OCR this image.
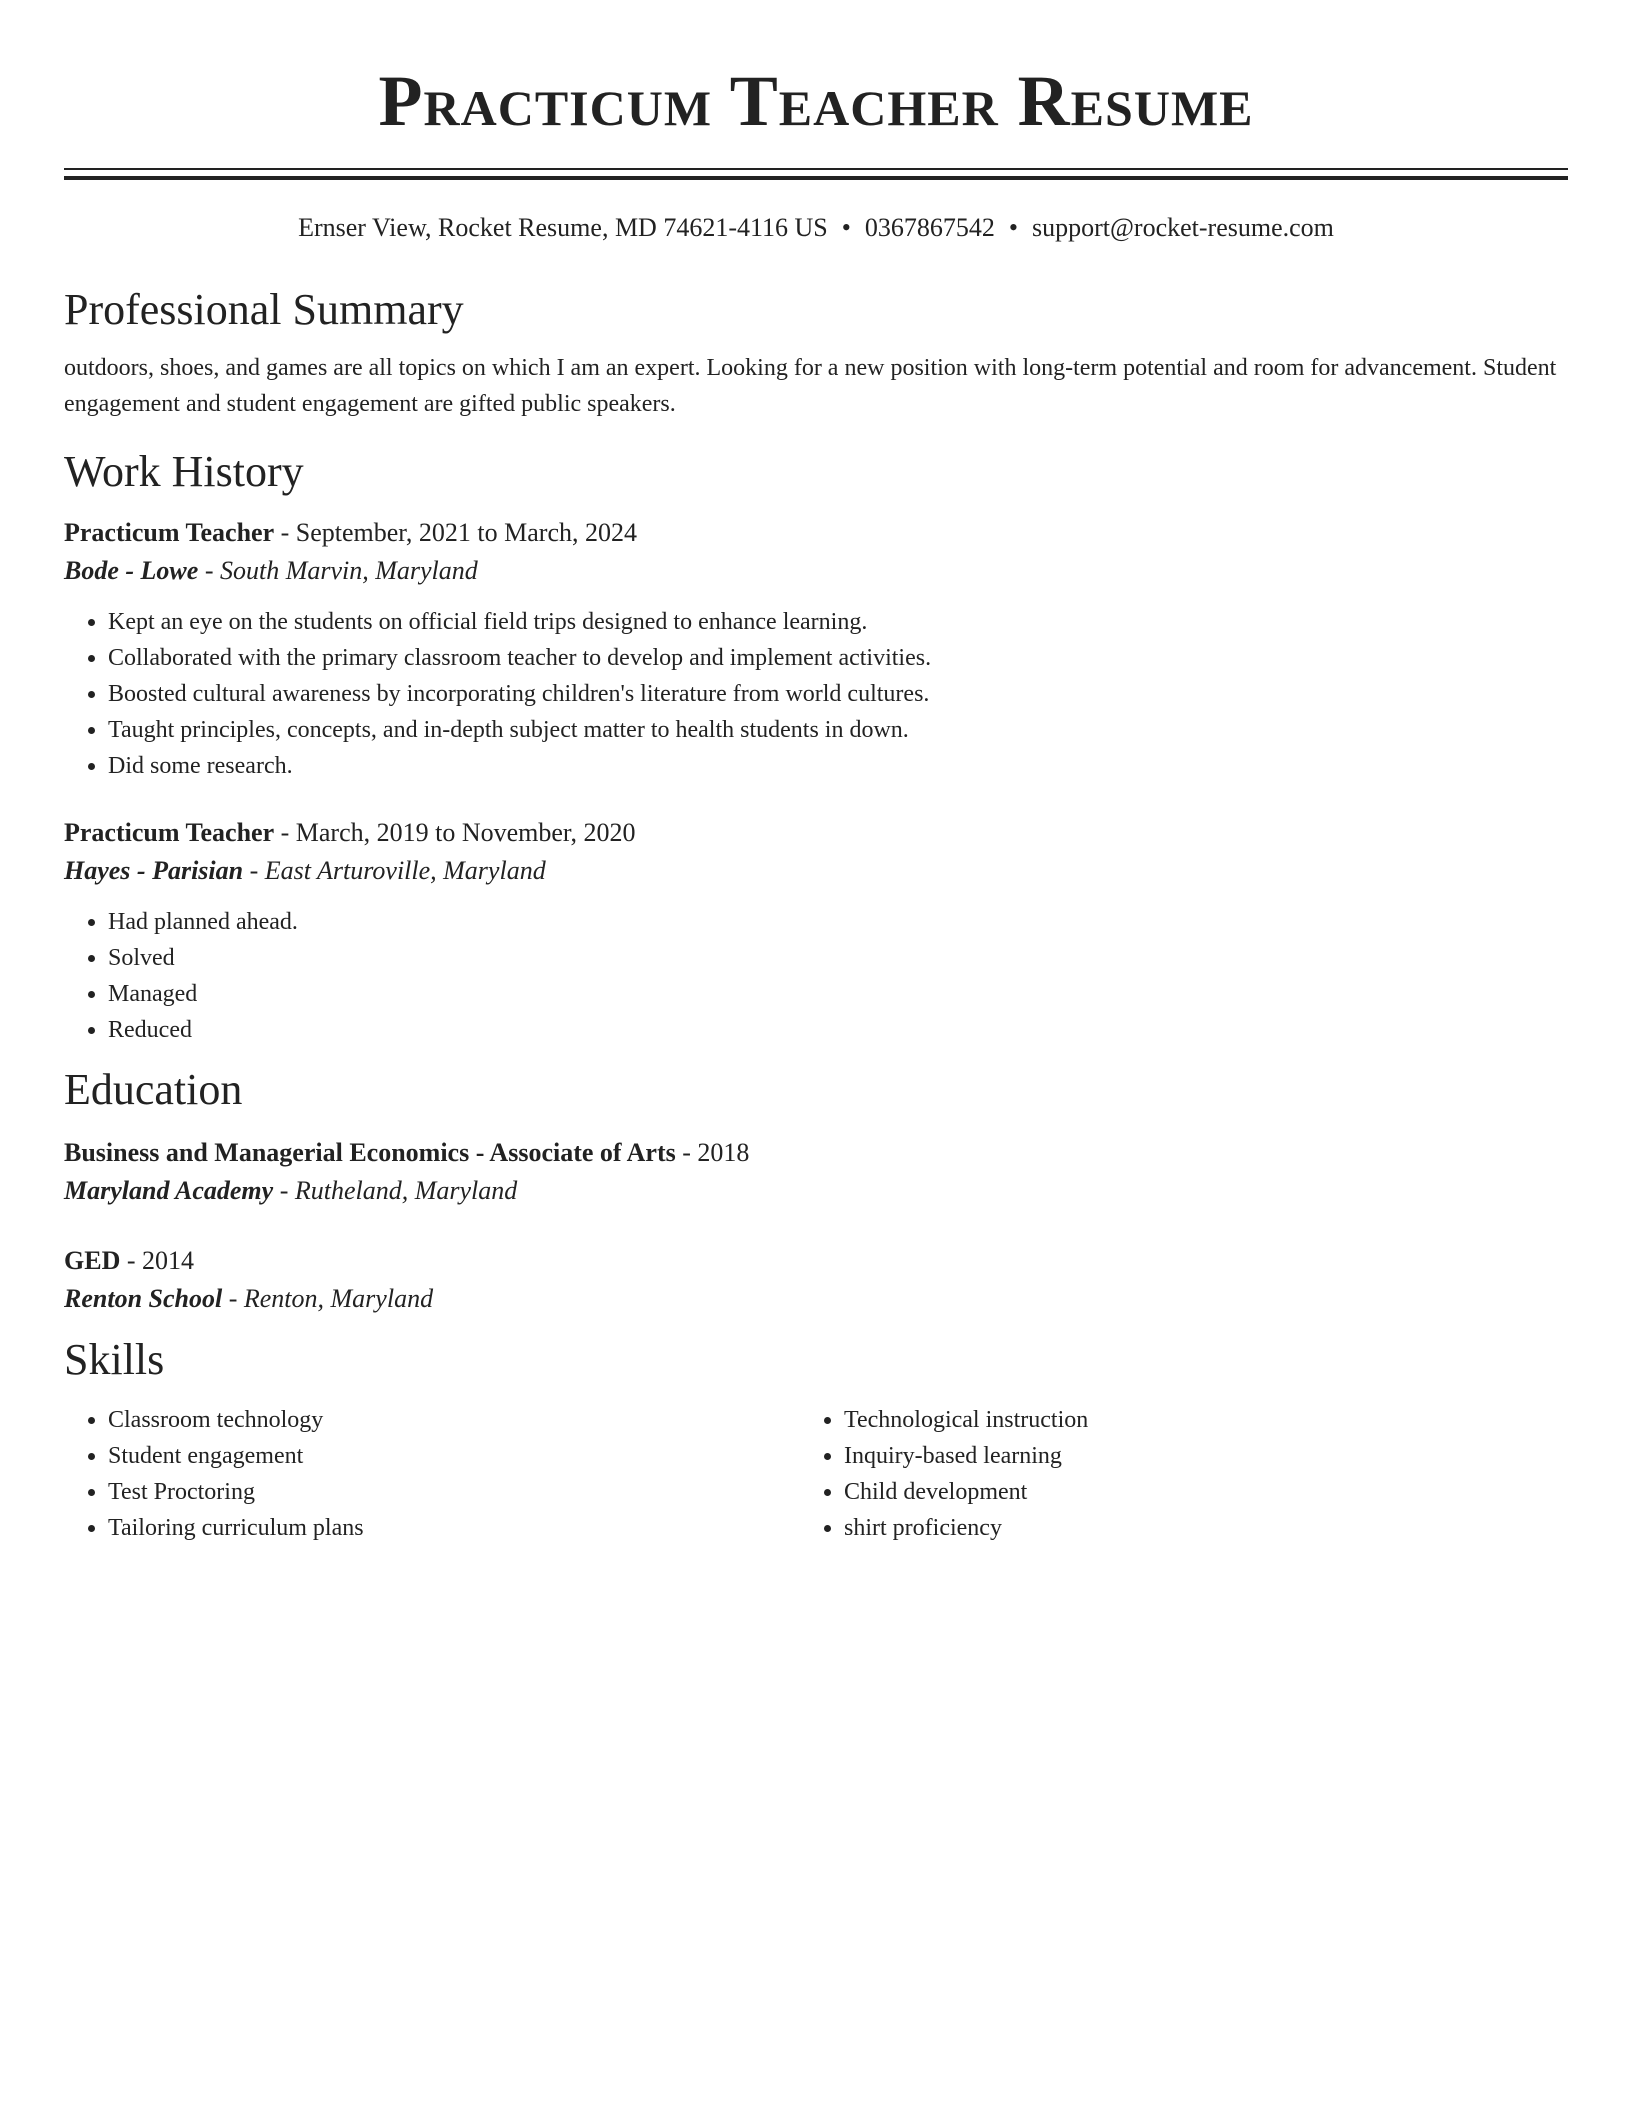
Practicum Teacher Resume
Ernser View, Rocket Resume, MD 74621-4116 US • 0367867542 • support@rocket-resume.com
Professional Summary
outdoors, shoes, and games are all topics on which I am an expert. Looking for a new position with long-term potential and room for advancement. Student engagement and student engagement are gifted public speakers.
Work History
Practicum Teacher - September, 2021 to March, 2024
Bode - Lowe - South Marvin, Maryland
• Kept an eye on the students on official field trips designed to enhance learning.
• Collaborated with the primary classroom teacher to develop and implement activities.
• Boosted cultural awareness by incorporating children's literature from world cultures.
• Taught principles, concepts, and in-depth subject matter to health students in down.
• Did some research.
Practicum Teacher - March, 2019 to November, 2020
Hayes - Parisian - East Arturoville, Maryland
• Had planned ahead.
• Solved
• Managed
• Reduced
Education
Business and Managerial Economics - Associate of Arts - 2018
Maryland Academy - Rutheland, Maryland
GED - 2014
Renton School - Renton, Maryland
Skills
• Classroom technology
• Student engagement
• Test Proctoring
• Tailoring curriculum plans
• Technological instruction
• Inquiry-based learning
• Child development
• shirt proficiency
